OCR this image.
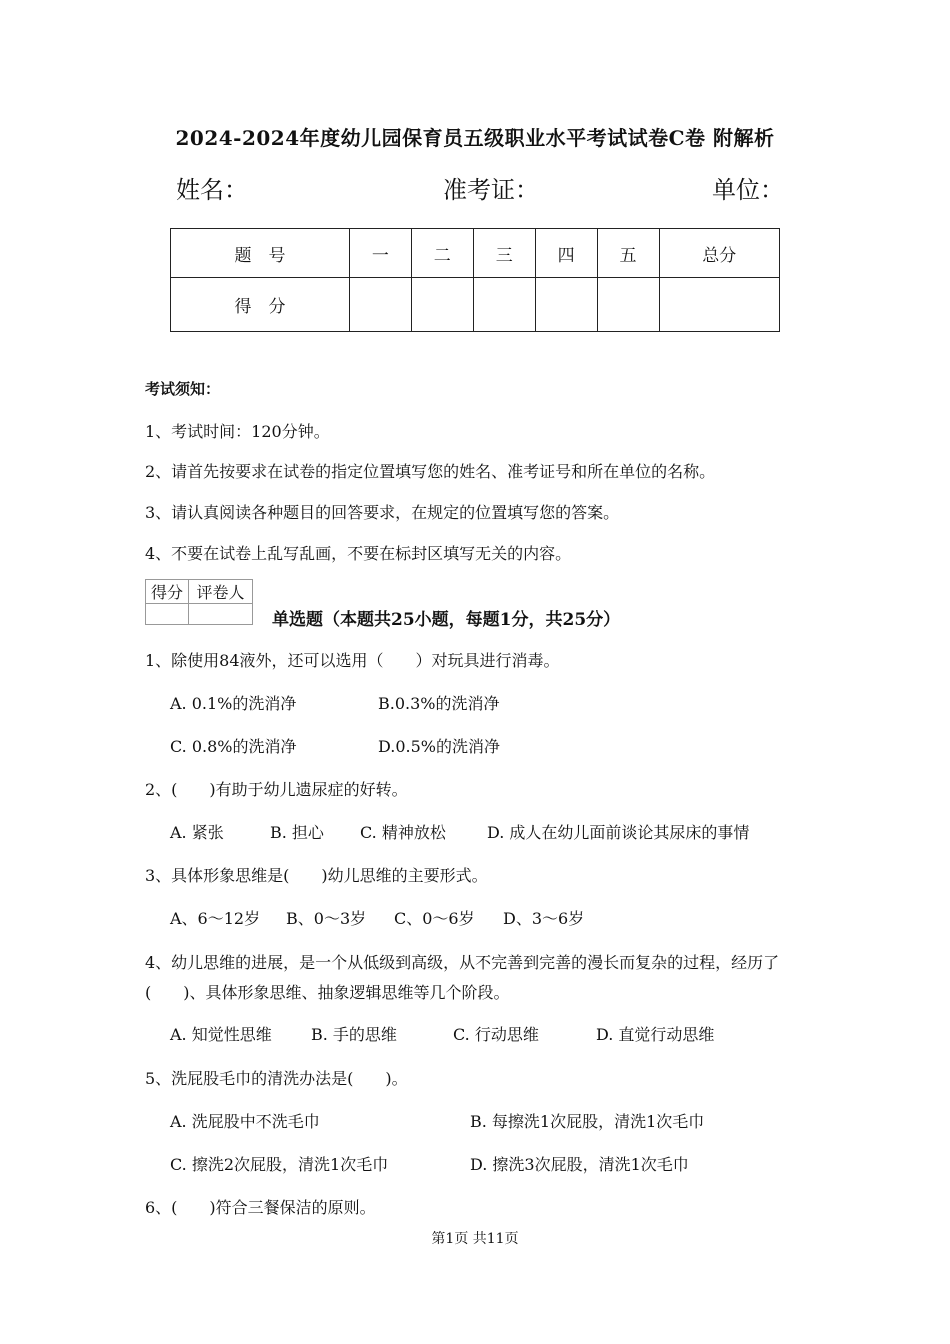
2024-2024年度幼儿园保育员五级职业水平考试试卷C卷 附解析
姓名：	准考证：	单位：
题　号	一	二	三	四	五	总分
得　分						
考试须知：
1、考试时间：120分钟。
2、请首先按要求在试卷的指定位置填写您的姓名、准考证号和所在单位的名称。
3、请认真阅读各种题目的回答要求，在规定的位置填写您的答案。
4、不要在试卷上乱写乱画，不要在标封区填写无关的内容。
得分	评卷人

单选题（本题共25小题，每题1分，共25分）
1、除使用84液外，还可以选用（　　）对玩具进行消毒。
A. 0.1%的洗消净	B.0.3%的洗消净
C. 0.8%的洗消净	D.0.5%的洗消净
2、(　　)有助于幼儿遗尿症的好转。
A. 紧张	B. 担心 C. 精神放松	D. 成人在幼儿面前谈论其尿床的事情
3、具体形象思维是(　　)幼儿思维的主要形式。
A、6～12岁 B、0～3岁 C、0～6岁 D、3～6岁
4、幼儿思维的进展，是一个从低级到高级，从不完善到完善的漫长而复杂的过程，经历了
(　　)、具体形象思维、抽象逻辑思维等几个阶段。
A. 知觉性思维 B. 手的思维	C. 行动思维	D. 直觉行动思维
5、洗屁股毛巾的清洗办法是(　　)。
A. 洗屁股中不洗毛巾	B. 每擦洗1次屁股，清洗1次毛巾
C. 擦洗2次屁股，清洗1次毛巾	D. 擦洗3次屁股，清洗1次毛巾
6、(　　)符合三餐保洁的原则。
第1页 共11页
